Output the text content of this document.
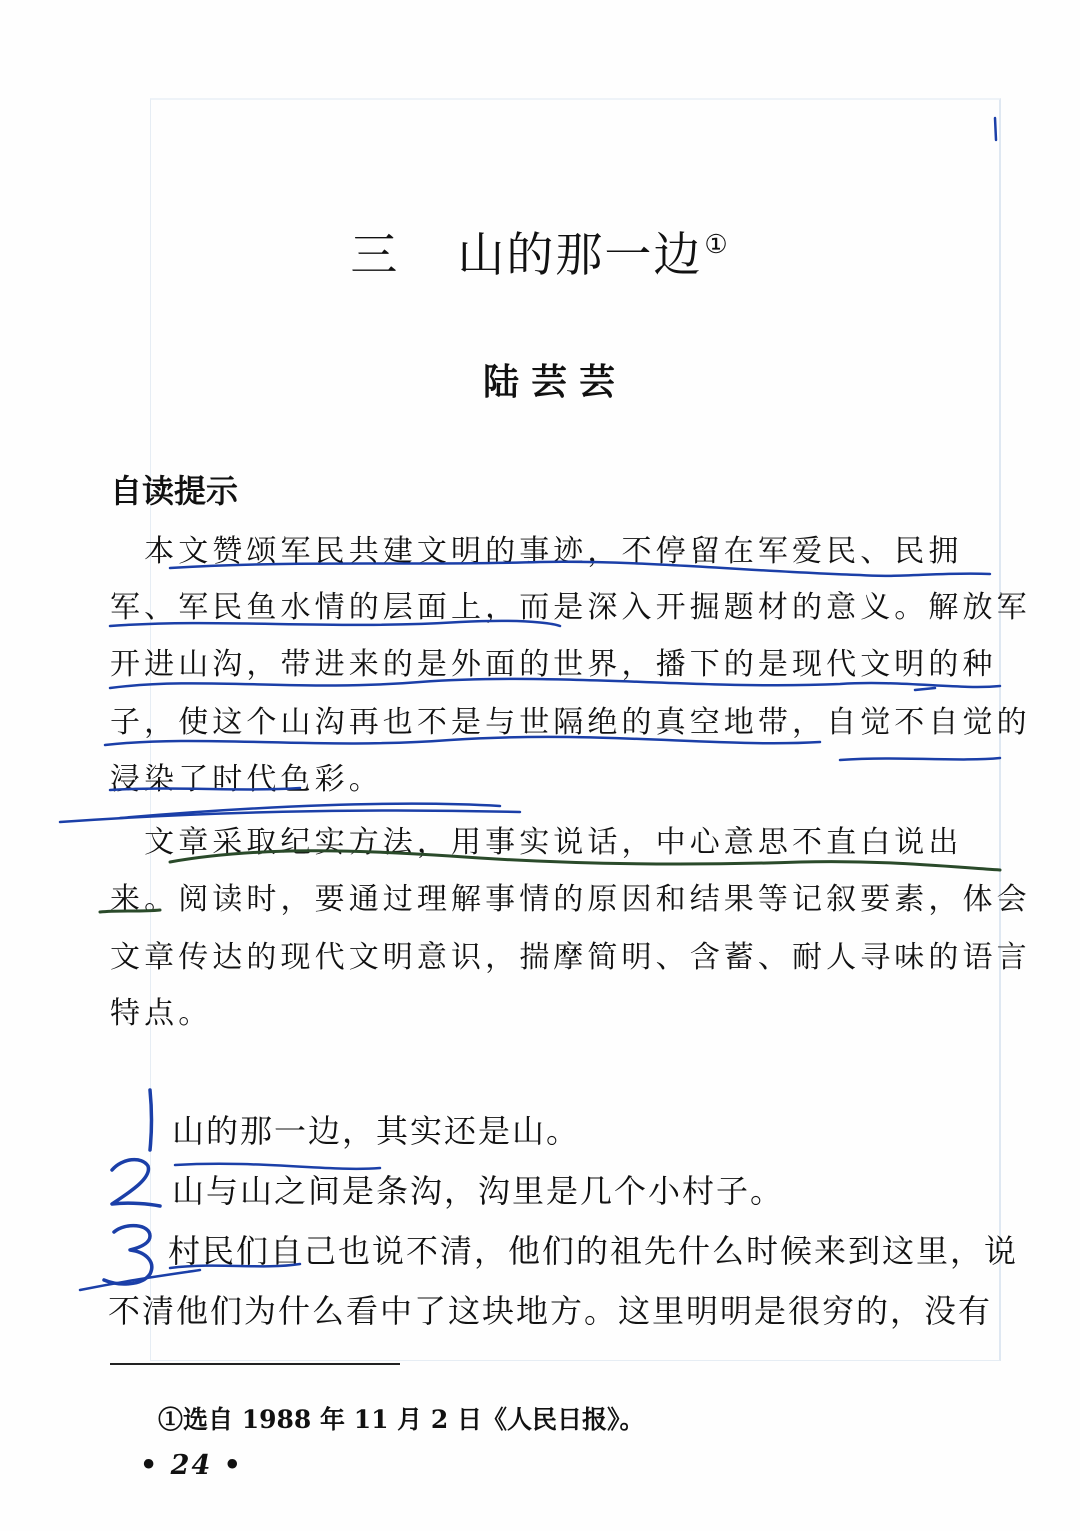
三 山的那一边①
陆芸芸
自读提示
　本文赞颂军民共建文明的事迹，不停留在军爱民、民拥
军、军民鱼水情的层面上，而是深入开掘题材的意义。解放军
开进山沟，带进来的是外面的世界，播下的是现代文明的种
子，使这个山沟再也不是与世隔绝的真空地带，自觉不自觉的
浸染了时代色彩。
　文章采取纪实方法，用事实说话，中心意思不直白说出
来。阅读时，要通过理解事情的原因和结果等记叙要素，体会
文章传达的现代文明意识，揣摩简明、含蓄、耐人寻味的语言
特点。
山的那一边，其实还是山。
山与山之间是条沟，沟里是几个小村子。
村民们自己也说不清，他们的祖先什么时候来到这里，说
不清他们为什么看中了这块地方。这里明明是很穷的，没有
①选自 1988 年 11 月 2 日《人民日报》。
• 24 •
